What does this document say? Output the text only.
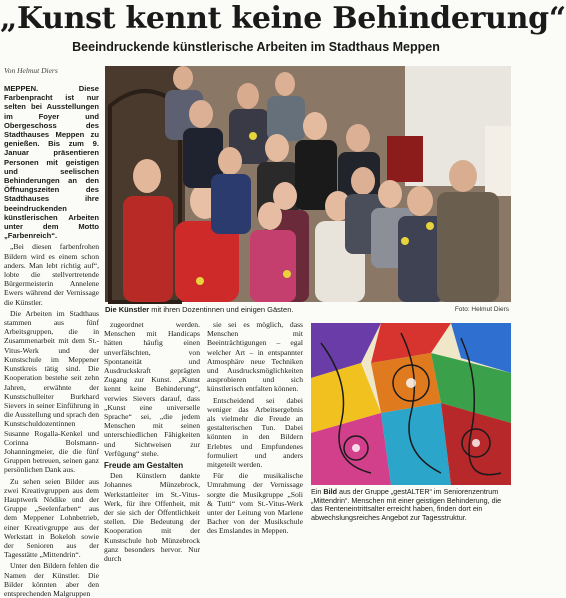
„Kunst kennt keine Behinderung“
Beeindruckende künstlerische Arbeiten im Stadthaus Meppen
Von Helmut Diers

MEPPEN.	Diese Farbenpracht ist nur selten bei Ausstellungen im Foyer und Obergeschoss des Stadthauses Meppen zu genießen. Bis zum 9. Januar präsentieren Personen mit geistigen und seelischen Behinderungen an den Öffnungszeiten des Stadthauses ihre beeindruckenden künstlerischen Arbeiten unter dem Motto „Farbenreich“.

„Bei diesen farbenfrohen Bildern wird es einem schon anders. Man lebt richtig auf“, lobte die stellvertretende Bürgermeisterin Annelene Ewers während der Vernissage die Künstler.

Die Arbeiten im Stadthaus stammen aus fünf Arbeitsgruppen, die in Zusammenarbeit mit dem St.-Vitus-Werk und der Kunstschule im Meppener Kunstkreis tätig sind. Die Kooperation bestehe seit zehn Jahren, erwähnte der Kunstschulleiter Burkhard Sievers in seiner Einführung in die Ausstellung und sprach den Kunstschuldozentinnen Susanne Rogalla-Kenkel und Corinna Bolsmann-Johanningmeier, die die fünf Gruppen betreuen, seinen ganz persönlichen Dank aus.

Zu sehen seien Bilder aus zwei Kreativgruppen aus dem Hauptwerk Nödike und der Gruppe „Seelenfarben“ aus dem Meppener Lohnbetrieb, einer Kreativgruppe aus der Werkstatt in Bokeloh sowie der Senioren aus der Tagesstätte „Mittendrin“.

Unter den Bildern fehlen die Namen der Künstler. Die Bilder könnten aber den entsprechenden Malgruppen

Die Künstler mit ihren Dozentinnen und einigen Gästen.	Foto: Helmut Diers

zugeordnet werden. Menschen mit Handicaps hätten häufig einen unverfälschten, von Spontaneität und Ausdruckskraft geprägten Zugang zur Kunst. „Kunst kennt keine Behinderung“, verwies Sievers darauf, dass „Kunst eine universelle Sprache“ sei, „die jedem Menschen mit seinen unterschiedlichen Fähigkeiten und Sichtweisen zur Verfügung“ stehe.

Freude am Gestalten

Den Künstlern dankte Johannes Münzebrock, Werkstattleiter im St.-Vitus-Werk, für ihre Offenheit, mit der sie sich der Öffentlichkeit stellen. Die Bedeutung der Kooperation mit der Kunstschule hob Münzebrock ganz besonders hervor. Nur durch

sie sei es möglich, dass Menschen mit Beeinträchtigungen – egal welcher Art – in entspannter Atmosphäre neue Techniken und Ausdrucksmöglichkeiten ausprobieren und sich künstlerisch entfalten können.

Entscheidend sei dabei weniger das Arbeitsergebnis als vielmehr die Freude an gestalterischen Tun. Dabei könnten in den Bildern Erlebtes und Empfundenes formuliert und anders mitgeteilt werden.

Für die musikalische Umrahmung der Vernissage sorgte die Musikgruppe „Soli & Tutti“ vom St.-Vitus-Werk unter der Leitung von Marlene Bacher von der Musikschule des Emslandes in Meppen.

Ein Bild aus der Gruppe „gestALTER“ im Seniorenzentrum „Mittendrin“. Menschen mit einer geistigen Behinderung, die das Renteneintrittsalter erreicht haben, finden dort ein abwechslungsreiches Angebot zur Tagesstruktur.
